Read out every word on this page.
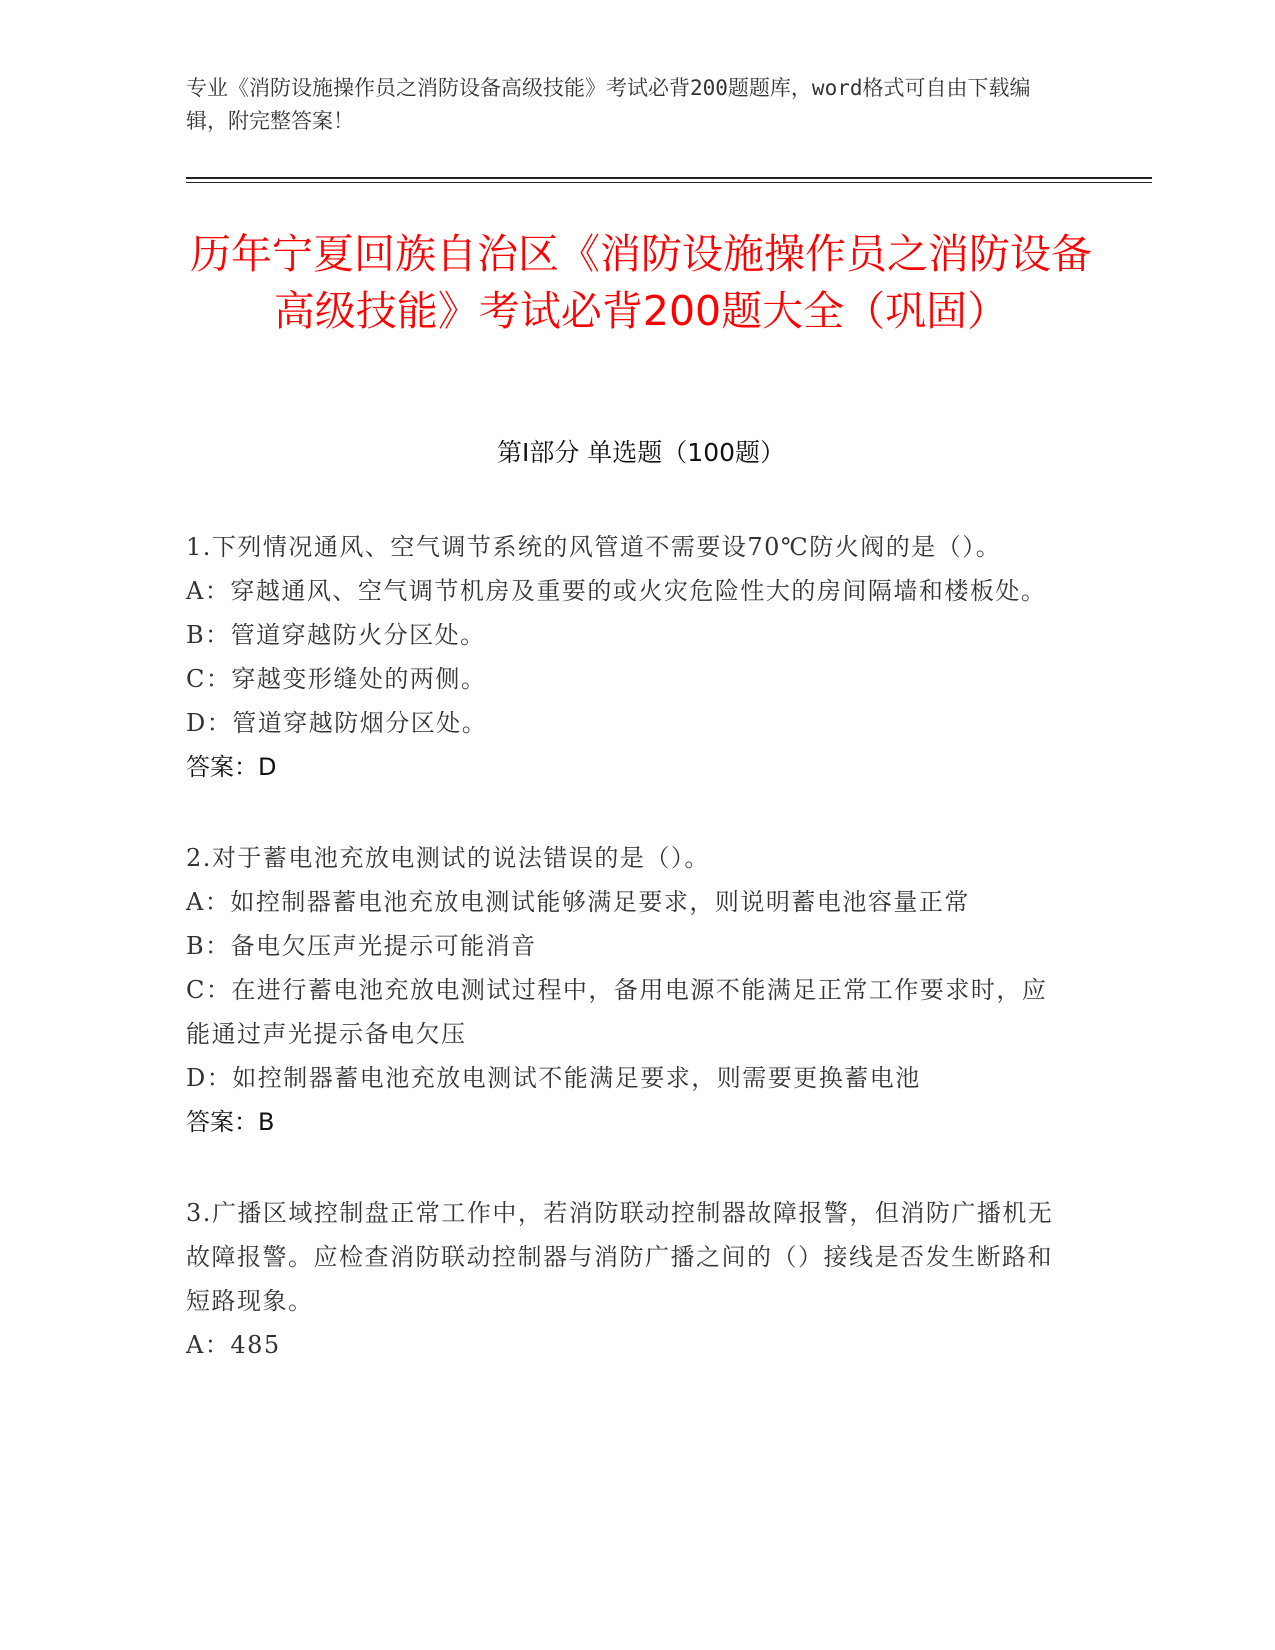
专业《消防设施操作员之消防设备高级技能》考试必背200题题库，word格式可自由下载编辑，附完整答案！
历年宁夏回族自治区《消防设施操作员之消防设备高级技能》考试必背200题大全（巩固）
第Ⅰ部分 单选题（100题）

1.下列情况通风、空气调节系统的风管道不需要设70℃防火阀的是（）。

A：穿越通风、空气调节机房及重要的或火灾危险性大的房间隔墙和楼板处。

B：管道穿越防火分区处。

C：穿越变形缝处的两侧。

D：管道穿越防烟分区处。

答案：D

2.对于蓄电池充放电测试的说法错误的是（）。

A：如控制器蓄电池充放电测试能够满足要求，则说明蓄电池容量正常

B：备电欠压声光提示可能消音

C：在进行蓄电池充放电测试过程中，备用电源不能满足正常工作要求时，应能通过声光提示备电欠压

D：如控制器蓄电池充放电测试不能满足要求，则需要更换蓄电池

答案：B

3.广播区域控制盘正常工作中，若消防联动控制器故障报警，但消防广播机无故障报警。应检查消防联动控制器与消防广播之间的（）接线是否发生断路和短路现象。

A：485
